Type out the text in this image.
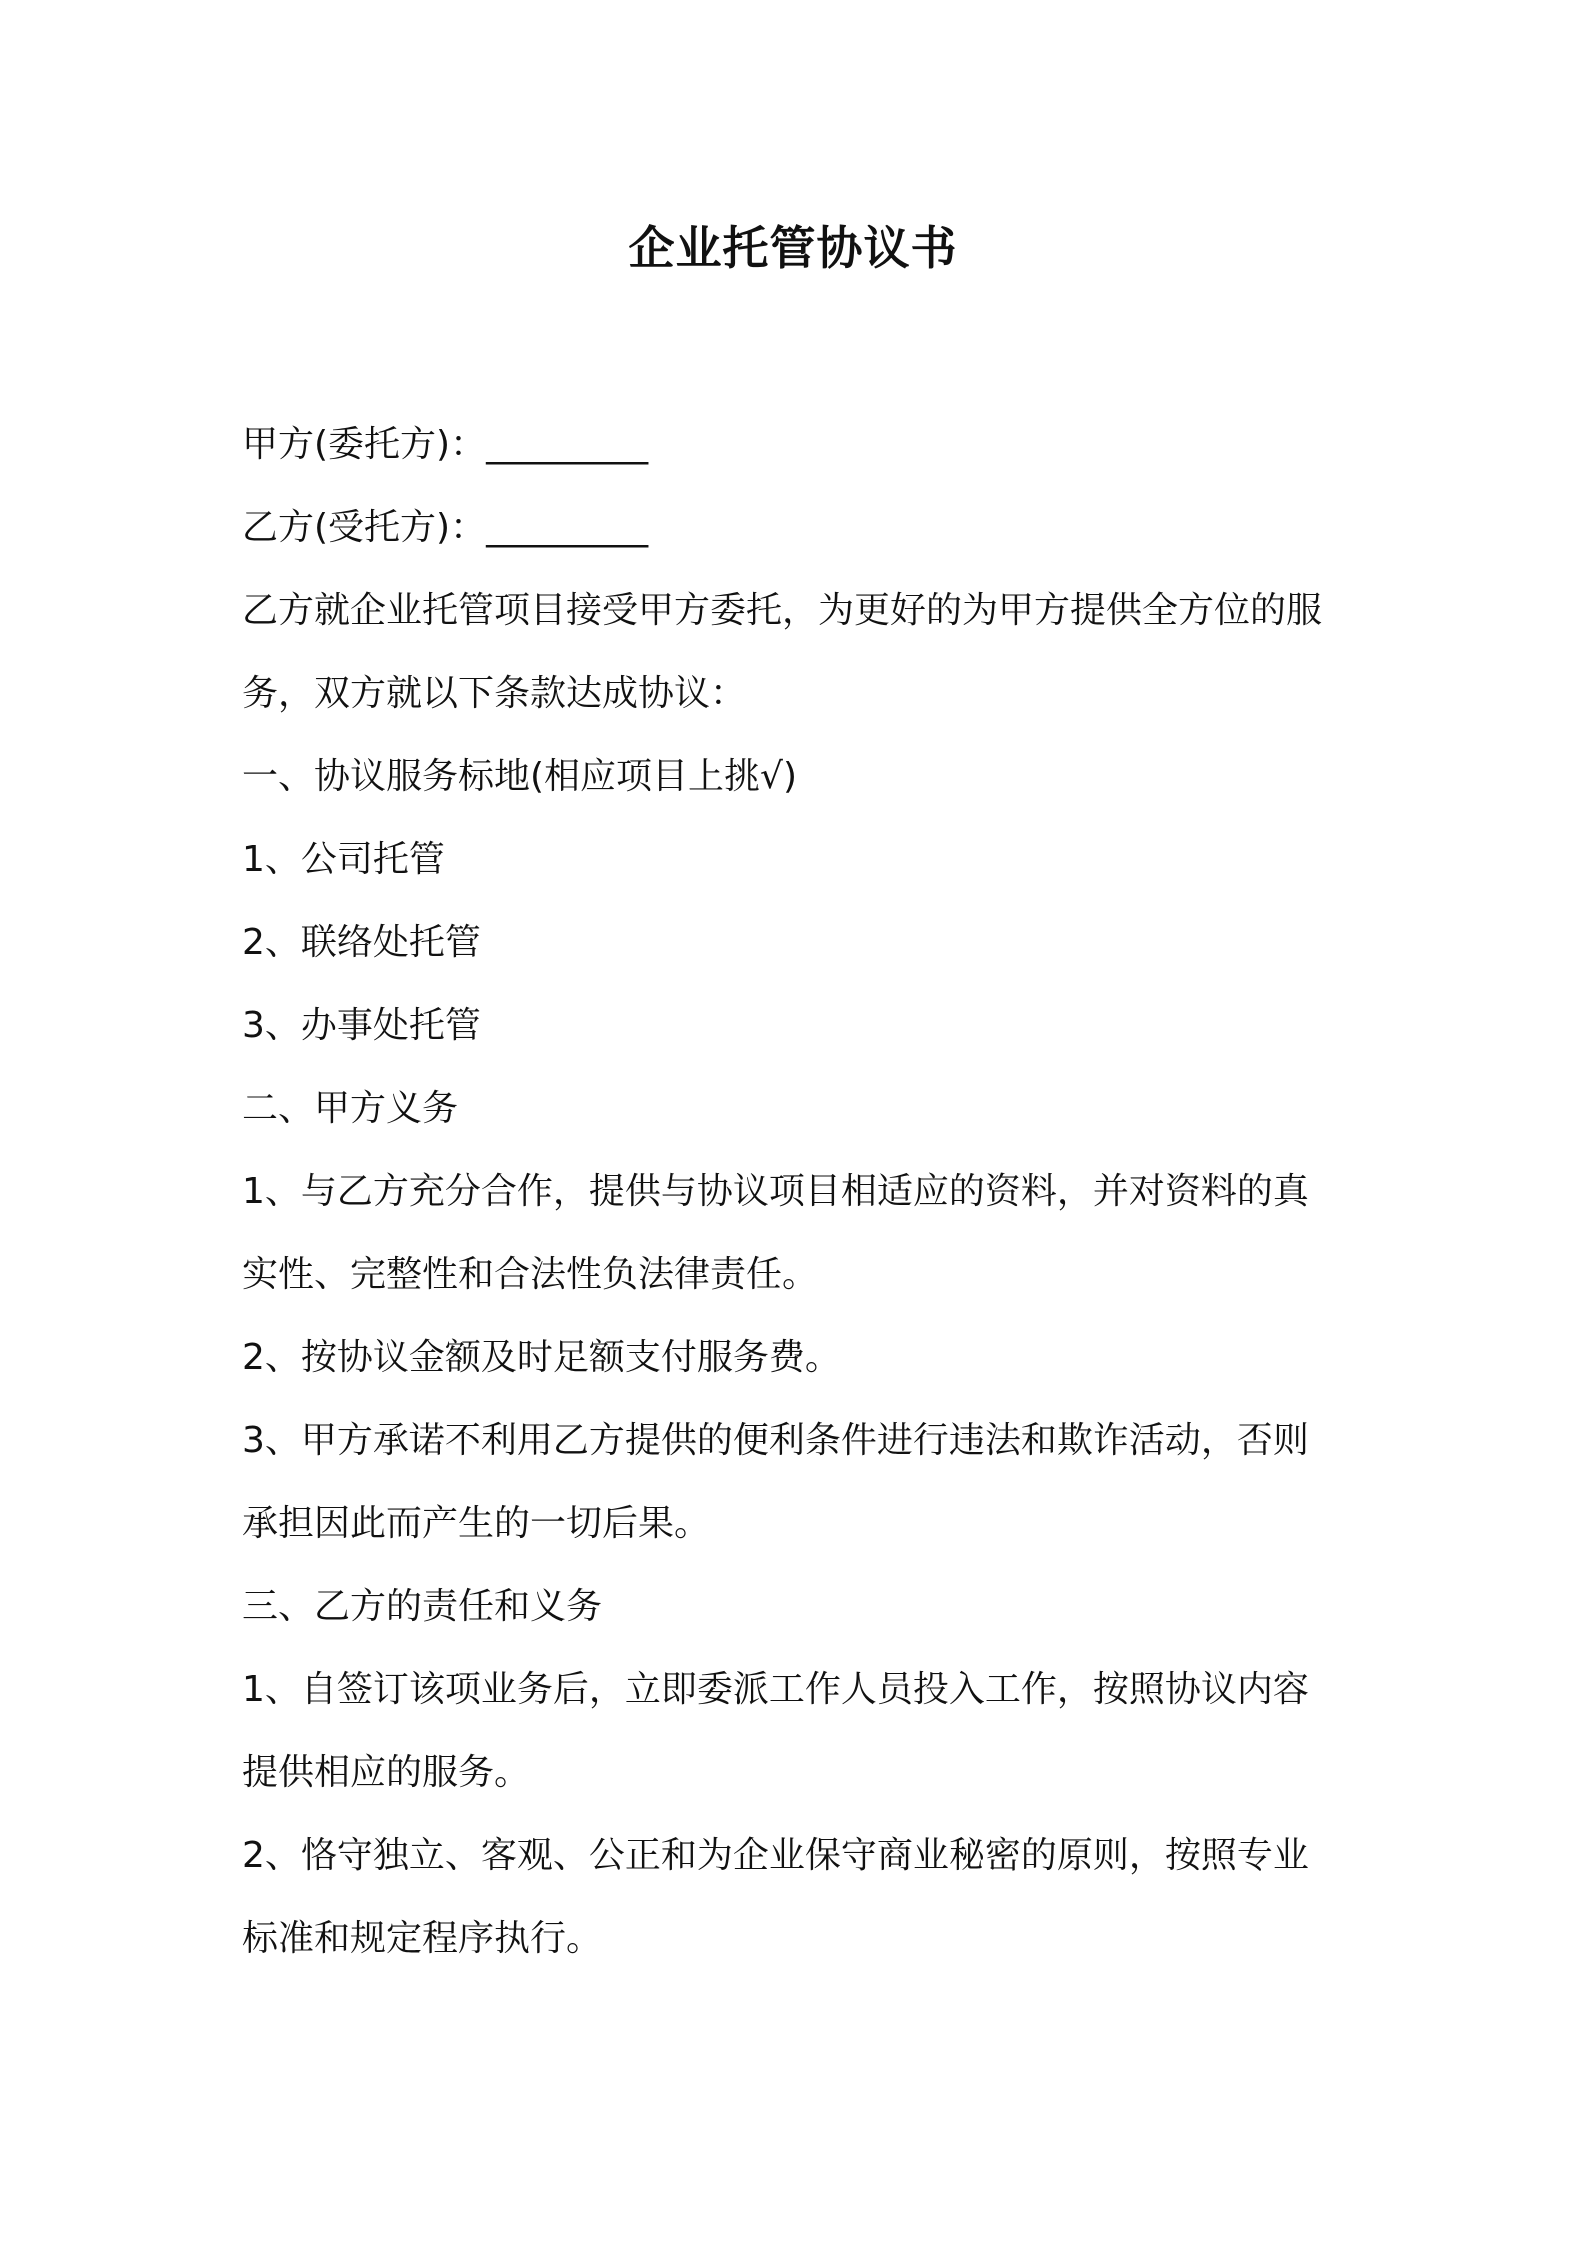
企业托管协议书
甲方(委托方)：_________
乙方(受托方)：_________
乙方就企业托管项目接受甲方委托，为更好的为甲方提供全方位的服
务，双方就以下条款达成协议：
一、协议服务标地(相应项目上挑√)
1、公司托管
2、联络处托管
3、办事处托管
二、甲方义务
1、与乙方充分合作，提供与协议项目相适应的资料，并对资料的真
实性、完整性和合法性负法律责任。
2、按协议金额及时足额支付服务费。
3、甲方承诺不利用乙方提供的便利条件进行违法和欺诈活动，否则
承担因此而产生的一切后果。
三、乙方的责任和义务
1、自签订该项业务后，立即委派工作人员投入工作，按照协议内容
提供相应的服务。
2、恪守独立、客观、公正和为企业保守商业秘密的原则，按照专业
标准和规定程序执行。
